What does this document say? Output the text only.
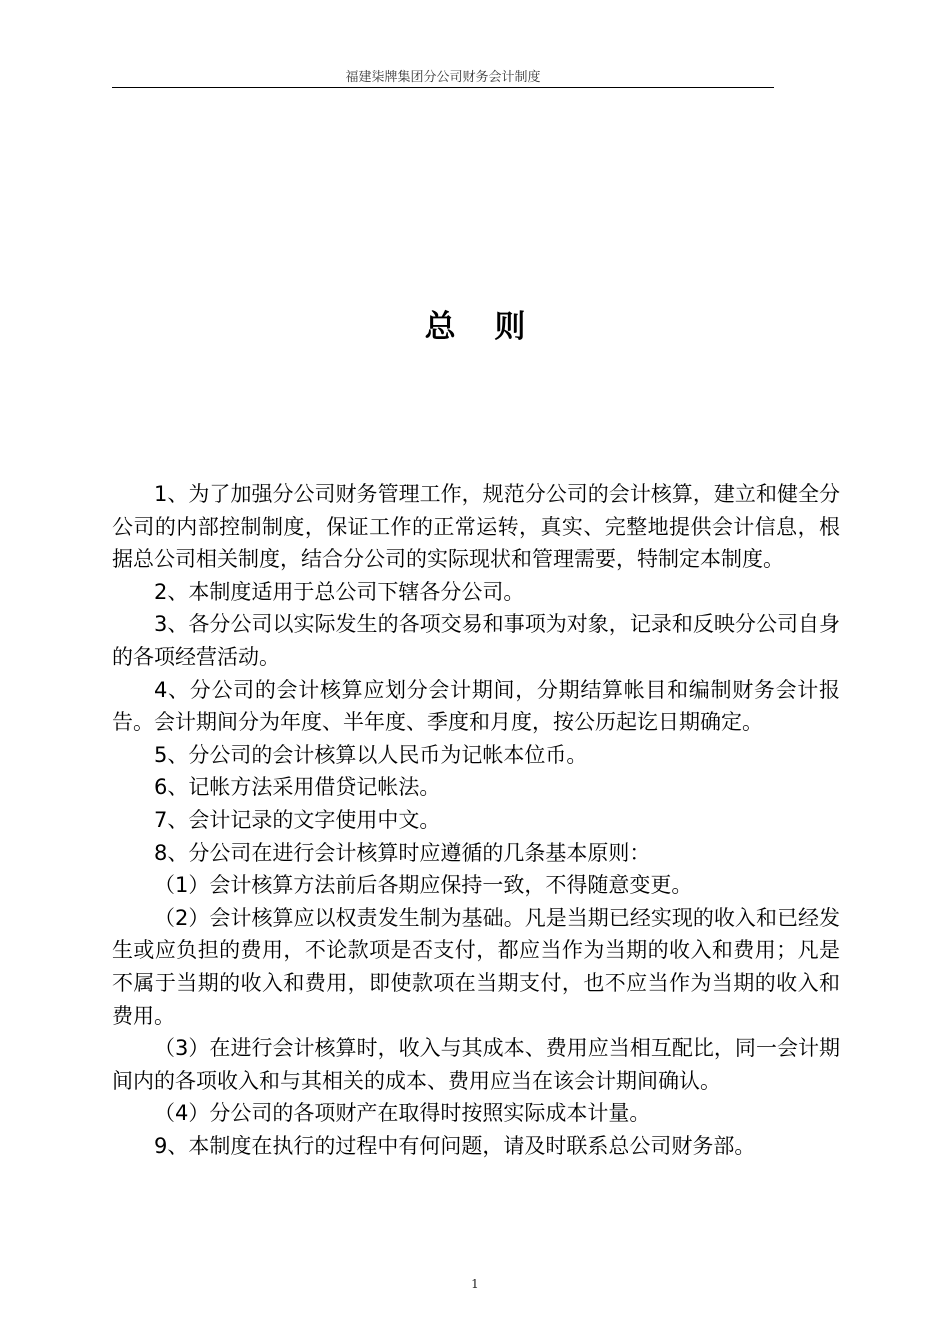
福建柒牌集团分公司财务会计制度
总 则

1、为了加强分公司财务管理工作，规范分公司的会计核算，建立和健全分公司的内部控制制度，保证工作的正常运转，真实、完整地提供会计信息，根据总公司相关制度，结合分公司的实际现状和管理需要，特制定本制度。

2、本制度适用于总公司下辖各分公司。

3、各分公司以实际发生的各项交易和事项为对象，记录和反映分公司自身的各项经营活动。

4、分公司的会计核算应划分会计期间，分期结算帐目和编制财务会计报告。会计期间分为年度、半年度、季度和月度，按公历起讫日期确定。

5、分公司的会计核算以人民币为记帐本位币。

6、记帐方法采用借贷记帐法。

7、会计记录的文字使用中文。

8、分公司在进行会计核算时应遵循的几条基本原则：

（1）会计核算方法前后各期应保持一致，不得随意变更。

（2）会计核算应以权责发生制为基础。凡是当期已经实现的收入和已经发生或应负担的费用，不论款项是否支付，都应当作为当期的收入和费用；凡是不属于当期的收入和费用，即使款项在当期支付，也不应当作为当期的收入和费用。

（3）在进行会计核算时，收入与其成本、费用应当相互配比，同一会计期间内的各项收入和与其相关的成本、费用应当在该会计期间确认。

（4）分公司的各项财产在取得时按照实际成本计量。

9、本制度在执行的过程中有何问题，请及时联系总公司财务部。

1
